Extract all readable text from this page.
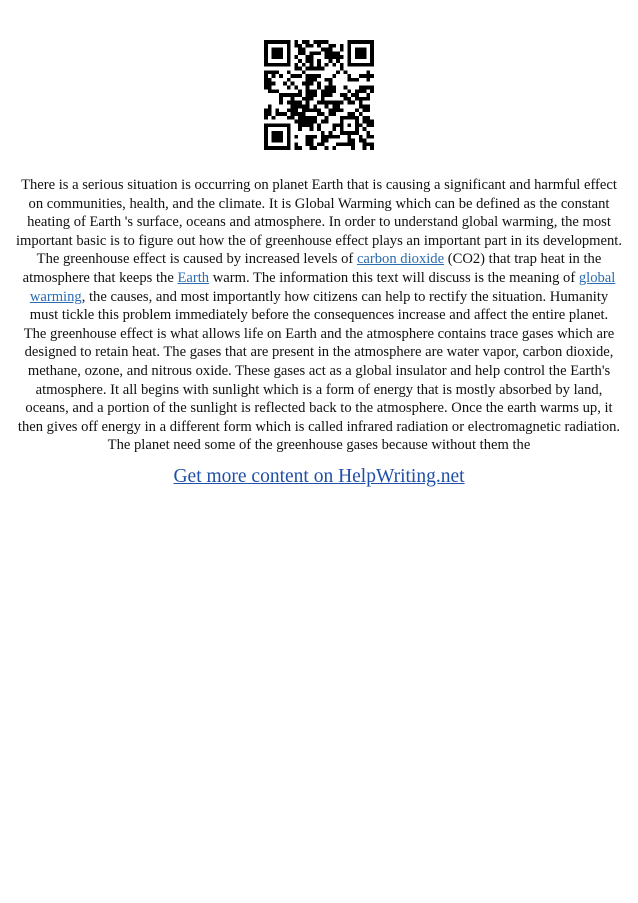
There is a serious situation is occurring on planet Earth that is causing a significant and harmful effect on communities, health, and the climate. It is Global Warming which can be defined as the constant heating of Earth 's surface, oceans and atmosphere. In order to understand global warming, the most important basic is to figure out how the of greenhouse effect plays an important part in its development. The greenhouse effect is caused by increased levels of carbon dioxide (CO2) that trap heat in the atmosphere that keeps the Earth warm. The information this text will discuss is the meaning of global warming, the causes, and most importantly how citizens can help to rectify the situation. Humanity must tickle this problem immediately before the consequences increase and affect the entire planet.

The greenhouse effect is what allows life on Earth and the atmosphere contains trace gases which are designed to retain heat. The gases that are present in the atmosphere are water vapor, carbon dioxide, methane, ozone, and nitrous oxide. These gases act as a global insulator and help control the Earth's atmosphere. It all begins with sunlight which is a form of energy that is mostly absorbed by land, oceans, and a portion of the sunlight is reflected back to the atmosphere. Once the earth warms up, it then gives off energy in a different form which is called infrared radiation or electromagnetic radiation. The planet need some of the greenhouse gases because without them the

Get more content on HelpWriting.net
